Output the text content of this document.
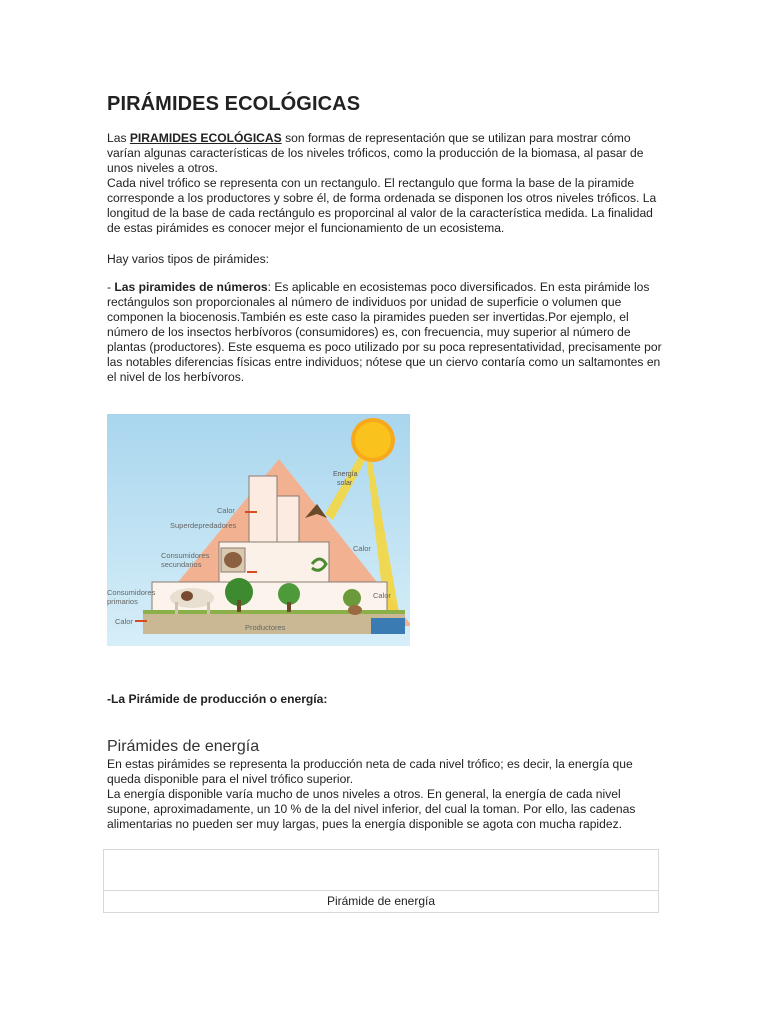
PIRÁMIDES ECOLÓGICAS
Las PIRAMIDES ECOLÓGICAS son formas de representación que se utilizan para mostrar cómo varían algunas características de los niveles tróficos, como la producción de la biomasa, al pasar de unos niveles a otros.
Cada nivel trófico se representa con un rectangulo. El rectangulo que forma la base de la piramide corresponde a los productores y sobre él, de forma ordenada se disponen los otros niveles tróficos. La longitud de la base de cada rectángulo es proporcinal al valor de la característica medida. La finalidad de estas pirámides es conocer mejor el funcionamiento de un ecosistema.
Hay varios tipos de pirámides:
- Las piramides de números: Es aplicable en ecosistemas poco diversificados. En esta pirámide los rectángulos son proporcionales al número de individuos por unidad de superficie o volumen que componen la biocenosis.También es este caso la piramides pueden ser invertidas.Por ejemplo, el número de los insectos herbívoros (consumidores) es, con frecuencia, muy superior al número de plantas (productores). Este esquema es poco utilizado por su poca representatividad, precisamente por las notables diferencias físicas entre individuos; nótese que un ciervo contaría como un saltamontes en el nivel de los herbívoros.
Energía
solar
Calor
Superdepredadores
Consumidores
secundarios
Calor
Consumidores
primarios
Calor
Calor
Productores
-La Pirámide de producción o energía:
Pirámides de energía
En estas pirámides se representa la producción neta de cada nivel trófico; es decir, la energía que queda disponible para el nivel trófico superior.
La energía disponible varía mucho de unos niveles a otros. En general, la energía de cada nivel supone, aproximadamente, un 10 % de la del nivel inferior, del cual la toman. Por ello, las cadenas alimentarias no pueden ser muy largas, pues la energía disponible se agota con mucha rapidez.
Pirámide de energía
